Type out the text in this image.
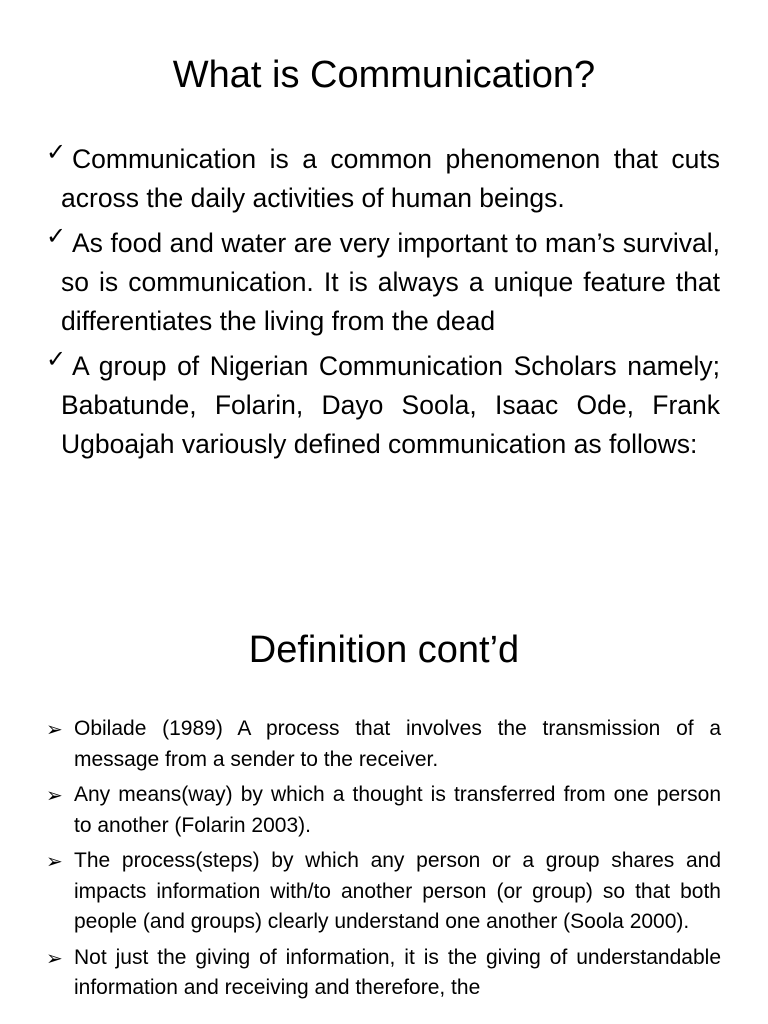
What is Communication?
✓ Communication is a common phenomenon that cuts across the daily activities of human beings.
✓ As food and water are very important to man’s survival, so is communication. It is always a unique feature that differentiates the living from the dead
✓ A group of Nigerian Communication Scholars namely; Babatunde, Folarin, Dayo Soola, Isaac Ode, Frank Ugboajah variously defined communication as follows:
Definition cont’d
➢ Obilade (1989) A process that involves the transmission of a message from a sender to the receiver.
➢ Any means(way) by which a thought is transferred from one person to another (Folarin 2003).
➢ The process(steps) by which any person or a group shares and impacts information with/to another person (or group) so that both people (and groups) clearly understand one another (Soola 2000).
➢ Not just the giving of information, it is the giving of understandable information and receiving and therefore, the
